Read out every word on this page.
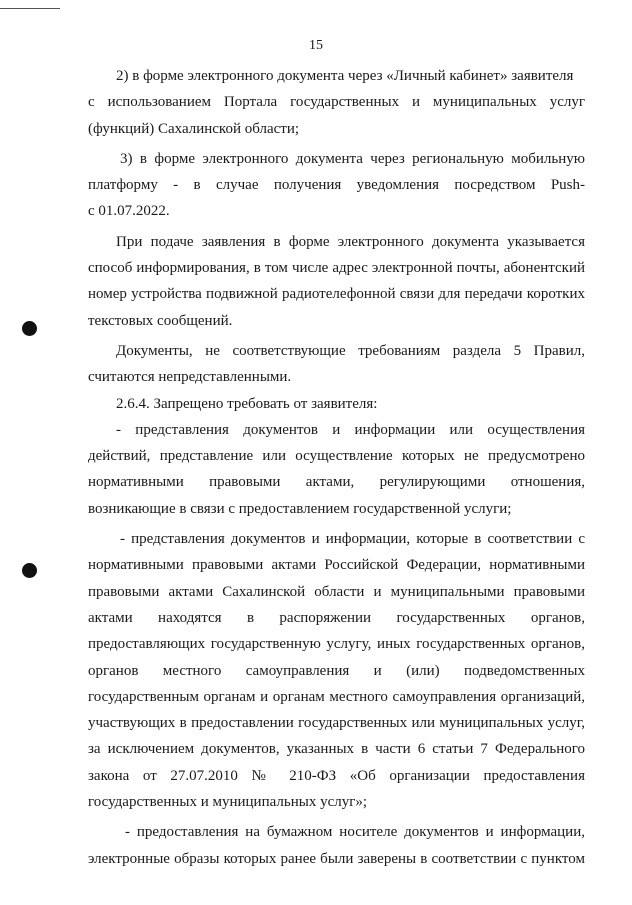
15
2) в форме электронного документа через «Личный кабинет» заявителя
с использованием Портала государственных и муниципальных услуг
(функций) Сахалинской области;
3) в форме электронного документа через региональную мобильную
платформу - в случае получения уведомления посредством Push-
с 01.07.2022.
При подаче заявления в форме электронного документа указывается
способ информирования, в том числе адрес электронной почты, абонентский
номер устройства подвижной радиотелефонной связи для передачи коротких
текстовых сообщений.
Документы, не соответствующие требованиям раздела 5 Правил,
считаются непредставленными.
2.6.4. Запрещено требовать от заявителя:
- представления документов и информации или осуществления
действий, представление или осуществление которых не предусмотрено
нормативными правовыми актами, регулирующими отношения,
возникающие в связи с предоставлением государственной услуги;
- представления документов и информации, которые в соответствии с
нормативными правовыми актами Российской Федерации, нормативными
правовыми актами Сахалинской области и муниципальными правовыми
актами находятся в распоряжении государственных органов,
предоставляющих государственную услугу, иных государственных органов,
органов местного самоуправления и (или) подведомственных
государственным органам и органам местного самоуправления организаций,
участвующих в предоставлении государственных или муниципальных услуг,
за исключением документов, указанных в части 6 статьи 7 Федерального
закона от 27.07.2010 № 210-ФЗ «Об организации предоставления
государственных и муниципальных услуг»;
- предоставления на бумажном носителе документов и информации,
электронные образы которых ранее были заверены в соответствии с пунктом
